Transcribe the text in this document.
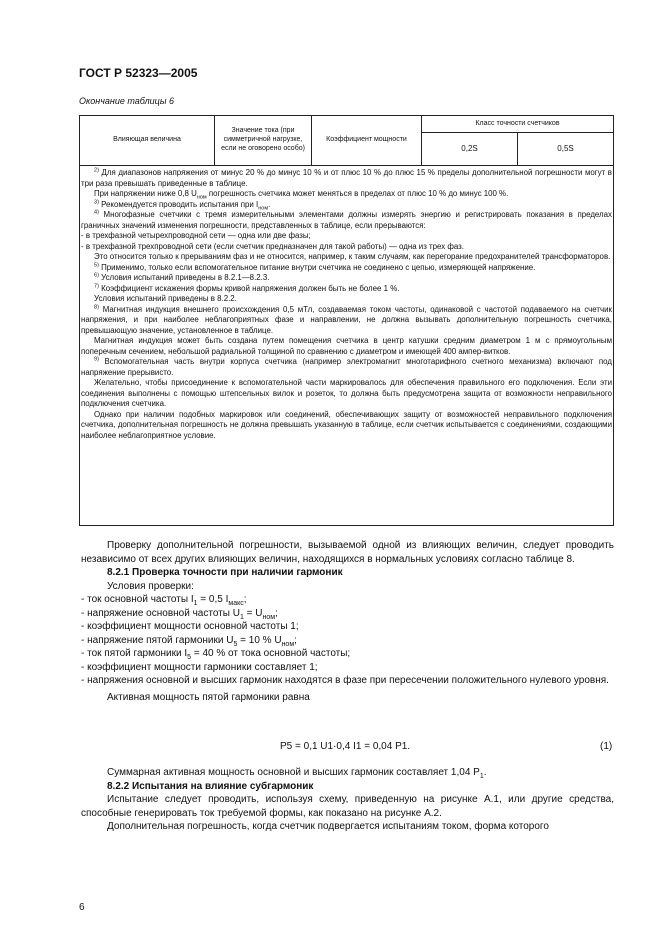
ГОСТ Р 52323—2005
Окончание таблицы 6
Влияющая величина	Значение тока (при симметричной нагрузке, если не оговорено особо)	Коэффициент мощности	Класс точности счетчиков	
			0,2S	0,5S

$^{2)}$ Для диапазонов напряжения от минус 20 % до минус 10 % и от плюс 10 % до плюс 15 % пределы дополнительной погрешности могут в три раза превышать приведенные в таблице.

При напряжении ниже 0,8 $U_{ном}$ погрешность счетчика может меняться в пределах от плюс 10 % до минус 100 %.

$^{3)}$ Рекомендуется проводить испытания при $I_{ном}$.

$^{4)}$ Многофазные счетчики с тремя измерительными элементами должны измерять энергию и регистрировать показания в пределах граничных значений изменения погрешности, представленных в таблице, если прерываются:

- в трехфазной четырехпроводной сети — одна или две фазы;

- в трехфазной трехпроводной сети (если счетчик предназначен для такой работы) — одна из трех фаз.

Это относится только к прерываниям фаз и не относится, например, к таким случаям, как перегорание предохранителей трансформаторов.

$^{5)}$ Применимо, только если вспомогательное питание внутри счетчика не соединено с цепью, измеряющей напряжение.

$^{6)}$ Условия испытаний приведены в 8.2.1—8.2.3.

$^{7)}$ Коэффициент искажения формы кривой напряжения должен быть не более 1 %.

Условия испытаний приведены в 8.2.2.

$^{8)}$ Магнитная индукция внешнего происхождения 0,5 мТл, создаваемая током частоты, одинаковой с частотой подаваемого на счетчик напряжения, и при наиболее неблагоприятных фазе и направлении, не должна вызывать дополнительную погрешность счетчика, превышающую значение, установленное в таблице.

Магнитная индукция может быть создана путем помещения счетчика в центр катушки средним диаметром 1 м с прямоугольным поперечным сечением, небольшой радиальной толщиной по сравнению с диаметром и имеющей 400 ампер-витков.

$^{9)}$ Вспомогательная часть внутри корпуса счетчика (например электромагнит многотарифного счетного механизма) включают под напряжение прерывисто.

Желательно, чтобы присоединение к вспомогательной части маркировалось для обеспечения правильного его подключения. Если эти соединения выполнены с помощью штепсельных вилок и розеток, то должна быть предусмотрена защита от возможности неправильного подключения счетчика.

Однако при наличии подобных маркировок или соединений, обеспечивающих защиту от возможностей неправильного подключения счетчика, дополнительная погрешность не должна превышать указанную в таблице, если счетчик испытывается с соединениями, создающими наиболее неблагоприятное условие.

Проверку дополнительной погрешности, вызываемой одной из влияющих величин, следует проводить независимо от всех других влияющих величин, находящихся в нормальных условиях согласно таблице 8.

8.2.1 Проверка точности при наличии гармоник

Условия проверки:

- ток основной частоты $I_1 = 0,5$ $I_{макс}$;

- напряжение основной частоты $U_1 = U_{ном}$;

- коэффициент мощности основной частоты 1;

- напряжение пятой гармоники $U_5 = 10$ % $U_{ном}$;

- ток пятой гармоники $I_5 = 40$ % от тока основной частоты;

- коэффициент мощности гармоники составляет 1;

- напряжения основной и высших гармоник находятся в фазе при пересечении положительного нулевого уровня.

Активная мощность пятой гармоники равна

P5 = 0,1 U1·0,4 I1 = 0,04 P1.	(1)

Суммарная активная мощность основной и высших гармоник составляет 1,04 $P_1$.

8.2.2 Испытания на влияние субгармоник

Испытание следует проводить, используя схему, приведенную на рисунке А.1, или другие средства, способные генерировать ток требуемой формы, как показано на рисунке А.2.

Дополнительная погрешность, когда счетчик подвергается испытаниям током, форма которого

6
